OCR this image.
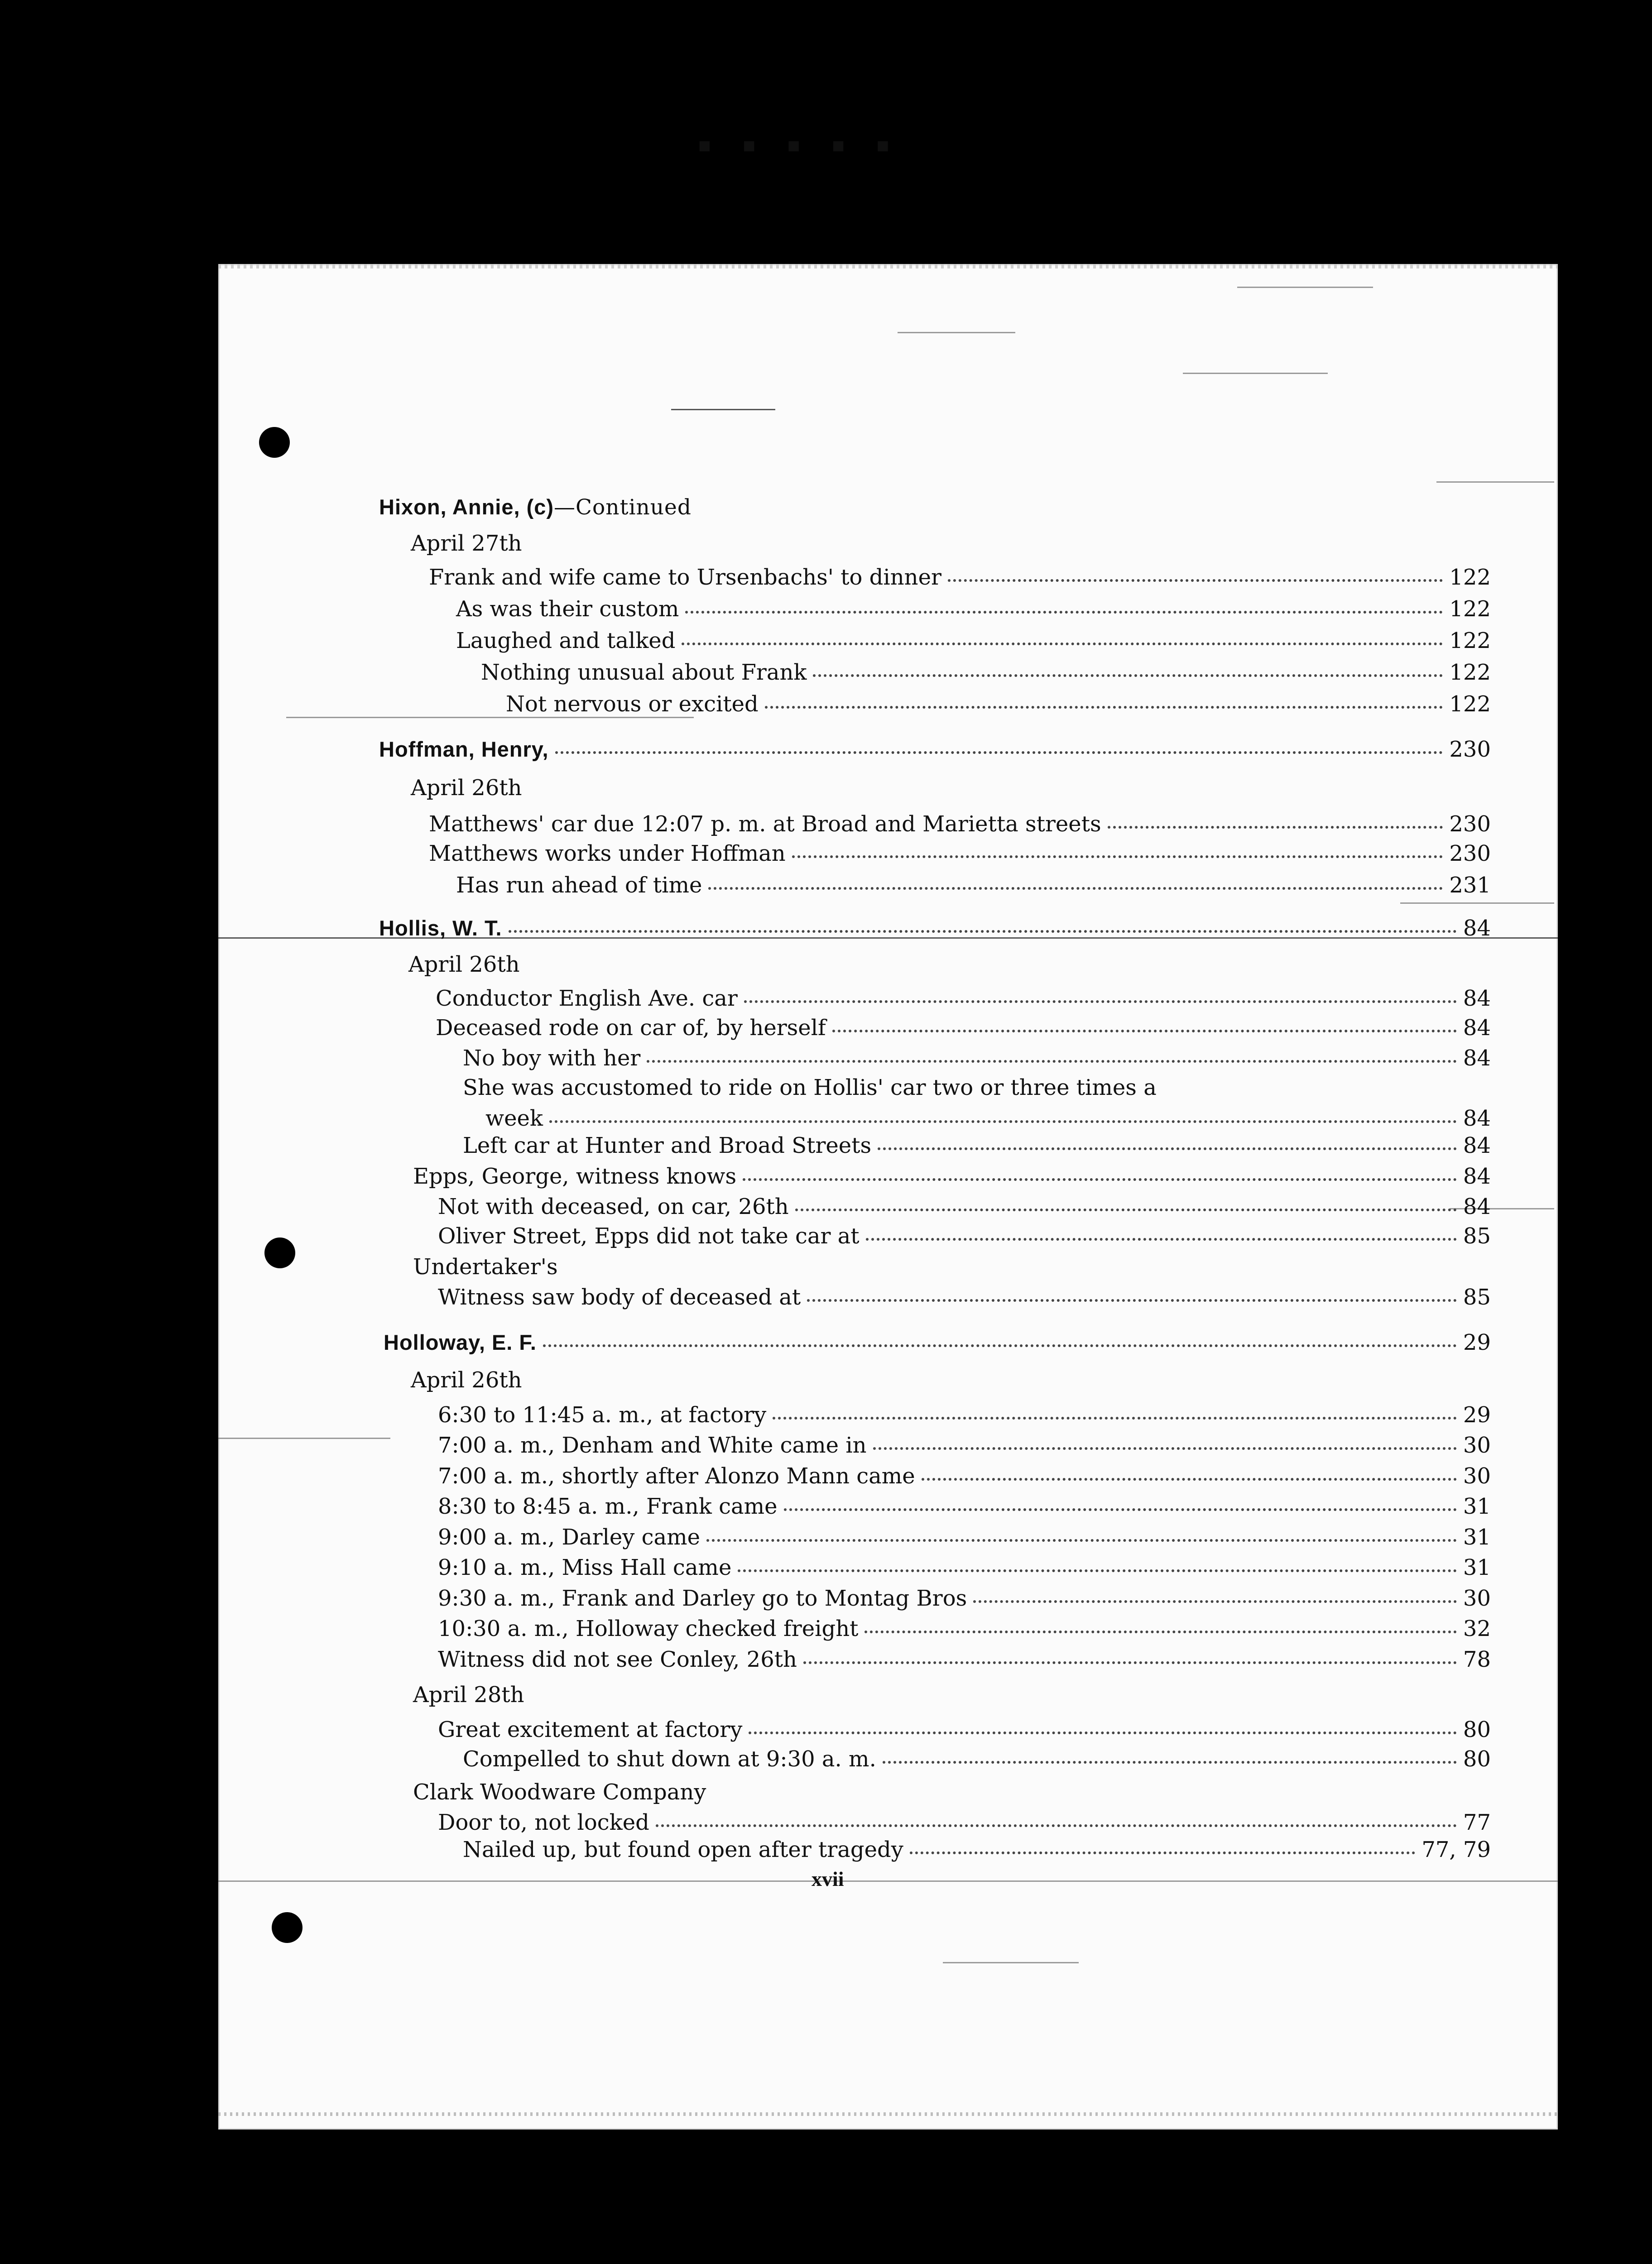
▪ ▪ ▪ ▪ ▪
Hixon, Annie, (c)—Continued
April 27th
Frank and wife came to Ursenbachs' to dinner	122
As was their custom	122
Laughed and talked	122
Nothing unusual about Frank	122
Not nervous or excited	122
Hoffman, Henry,	230
April 26th
Matthews' car due 12:07 p. m. at Broad and Marietta streets	230
Matthews works under Hoffman	230
Has run ahead of time	231
Hollis, W. T.	84
April 26th
Conductor English Ave. car	84
Deceased rode on car of, by herself	84
No boy with her	84
She was accustomed to ride on Hollis' car two or three times a
week	84
Left car at Hunter and Broad Streets	84
Epps, George, witness knows	84
Not with deceased, on car, 26th	84
Oliver Street, Epps did not take car at	85
Undertaker's
Witness saw body of deceased at	85
Holloway, E. F.	29
April 26th
6:30 to 11:45 a. m., at factory	29
7:00 a. m., Denham and White came in	30
7:00 a. m., shortly after Alonzo Mann came	30
8:30 to 8:45 a. m., Frank came	31
9:00 a. m., Darley came	31
9:10 a. m., Miss Hall came	31
9:30 a. m., Frank and Darley go to Montag Bros	30
10:30 a. m., Holloway checked freight	32
Witness did not see Conley, 26th	78
April 28th
Great excitement at factory	80
Compelled to shut down at 9:30 a. m.	80
Clark Woodware Company
Door to, not locked	77
Nailed up, but found open after tragedy	77, 79
xvii
